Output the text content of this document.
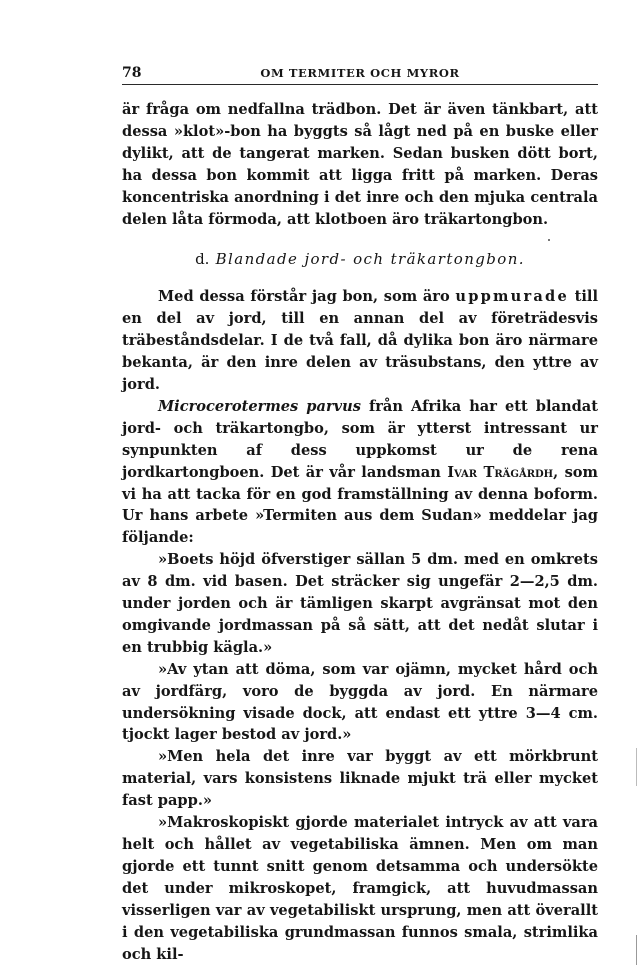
78	OM TERMITER OCH MYROR

är fråga om nedfallna trädbon. Det är även tänkbart, att dessa »klot»-bon ha byggts så lågt ned på en buske eller dylikt, att de tangerat marken. Sedan busken dött bort, ha dessa bon kommit att ligga fritt på marken. Deras koncentriska anordning i det inre och den mjuka centrala delen låta förmoda, att klotboen äro träkartongbon.

d. Blandade jord- och träkartongbon.

Med dessa förstår jag bon, som äro uppmurade till en del av jord, till en annan del av företrädesvis träbeståndsdelar. I de två fall, då dylika bon äro närmare bekanta, är den inre delen av träsubstans, den yttre av jord.

Microcerotermes parvus från Afrika har ett blandat jord- och träkartongbo, som är ytterst intressant ur synpunkten af dess uppkomst ur de rena jordkartongboen. Det är vår landsman Ivar Trägårdh, som vi ha att tacka för en god framställning av denna boform. Ur hans arbete »Termiten aus dem Sudan» meddelar jag följande:

»Boets höjd öfverstiger sällan 5 dm. med en omkrets av 8 dm. vid basen. Det sträcker sig ungefär 2—2,5 dm. under jorden och är tämligen skarpt avgränsat mot den omgivande jordmassan på så sätt, att det nedåt slutar i en trubbig kägla.»

»Av ytan att döma, som var ojämn, mycket hård och av jordfärg, voro de byggda av jord. En närmare undersökning visade dock, att endast ett yttre 3—4 cm. tjockt lager bestod av jord.»

»Men hela det inre var byggt av ett mörkbrunt material, vars konsistens liknade mjukt trä eller mycket fast papp.»

»Makroskopiskt gjorde materialet intryck av att vara helt och hållet av vegetabiliska ämnen. Men om man gjorde ett tunnt snitt genom detsamma och undersökte det under mikroskopet, framgick, att huvudmassan visserligen var av vegetabiliskt ursprung, men att överallt i den vegetabiliska grundmassan funnos smala, strimlika och kil-
